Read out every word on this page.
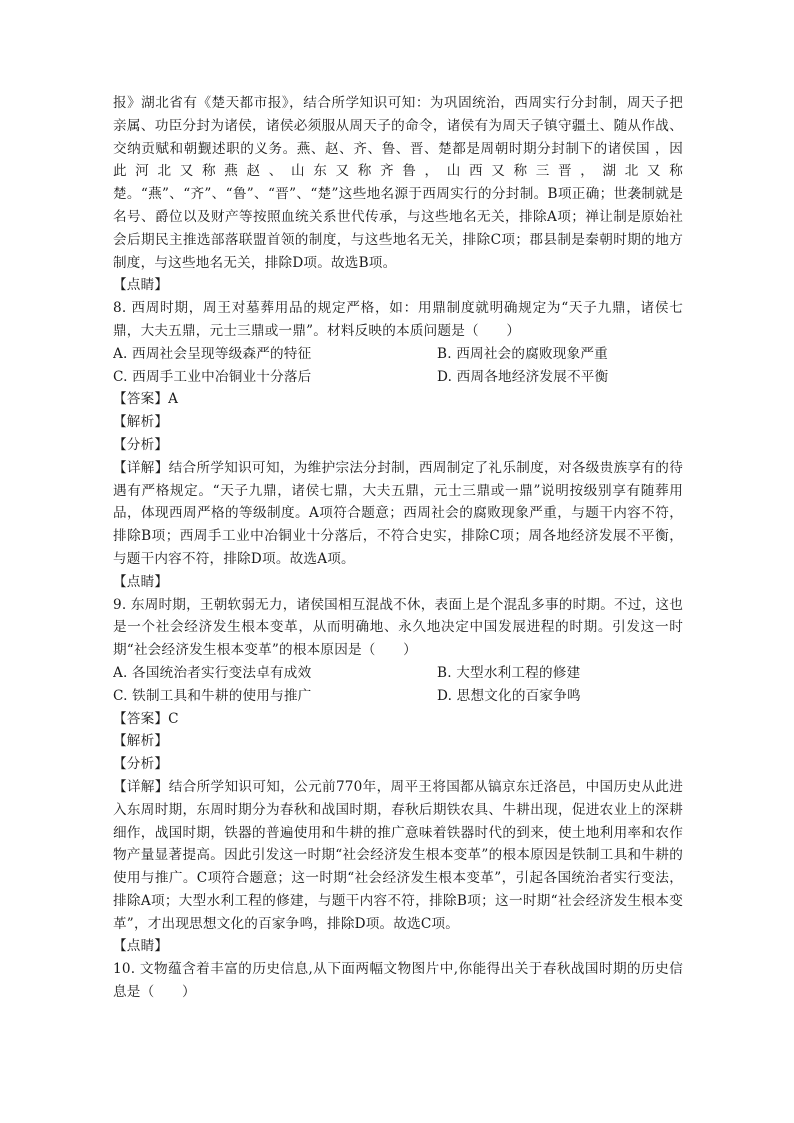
报》湖北省有《楚天都市报》，结合所学知识可知：为巩固统治，西周实行分封制，周天子把亲属、功臣分封为诸侯，诸侯必须服从周天子的命令，诸侯有为周天子镇守疆土、随从作战、交纳贡赋和朝觐述职的义务。燕、赵、齐、鲁、晋、楚都是周朝时期分封制下的诸侯国 ，因此河北又称燕赵、山东又称齐鲁，山西又称三晋，湖北又称楚。“燕”、“齐”、“鲁”、“晋”、“楚”这些地名源于西周实行的分封制。B项正确；世袭制就是名号、爵位以及财产等按照血统关系世代传承，与这些地名无关，排除A项；禅让制是原始社会后期民主推选部落联盟首领的制度，与这些地名无关，排除C项；郡县制是秦朝时期的地方制度，与这些地名无关，排除D项。故选B项。

【点睛】

8. 西周时期，周王对墓葬用品的规定严格，如：用鼎制度就明确规定为“天子九鼎，诸侯七鼎，大夫五鼎，元士三鼎或一鼎”。材料反映的本质问题是（　　）

A. 西周社会呈现等级森严的特征	B. 西周社会的腐败现象严重
C. 西周手工业中冶铜业十分落后	D. 西周各地经济发展不平衡

【答案】A

【解析】

【分析】

【详解】结合所学知识可知，为维护宗法分封制，西周制定了礼乐制度，对各级贵族享有的待遇有严格规定。“天子九鼎，诸侯七鼎，大夫五鼎，元士三鼎或一鼎”说明按级别享有随葬用品，体现西周严格的等级制度。A项符合题意；西周社会的腐败现象严重，与题干内容不符，排除B项；西周手工业中冶铜业十分落后，不符合史实，排除C项；周各地经济发展不平衡，与题干内容不符，排除D项。故选A项。

【点睛】

9. 东周时期，王朝软弱无力，诸侯国相互混战不休，表面上是个混乱多事的时期。不过，这也是一个社会经济发生根本变革，从而明确地、永久地决定中国发展进程的时期。引发这一时期“社会经济发生根本变革”的根本原因是（　　）

A. 各国统治者实行变法卓有成效	B. 大型水利工程的修建
C. 铁制工具和牛耕的使用与推广	D. 思想文化的百家争鸣

【答案】C

【解析】

【分析】

【详解】结合所学知识可知，公元前770年，周平王将国都从镐京东迁洛邑，中国历史从此进入东周时期，东周时期分为春秋和战国时期，春秋后期铁农具、牛耕出现，促进农业上的深耕细作，战国时期，铁器的普遍使用和牛耕的推广意味着铁器时代的到来，使土地利用率和农作物产量显著提高。因此引发这一时期“社会经济发生根本变革”的根本原因是铁制工具和牛耕的使用与推广。C项符合题意；这一时期“社会经济发生根本变革”，引起各国统治者实行变法，排除A项；大型水利工程的修建，与题干内容不符，排除B项；这一时期“社会经济发生根本变革”，才出现思想文化的百家争鸣，排除D项。故选C项。

【点睛】

10. 文物蕴含着丰富的历史信息,从下面两幅文物图片中,你能得出关于春秋战国时期的历史信息是（　　）
